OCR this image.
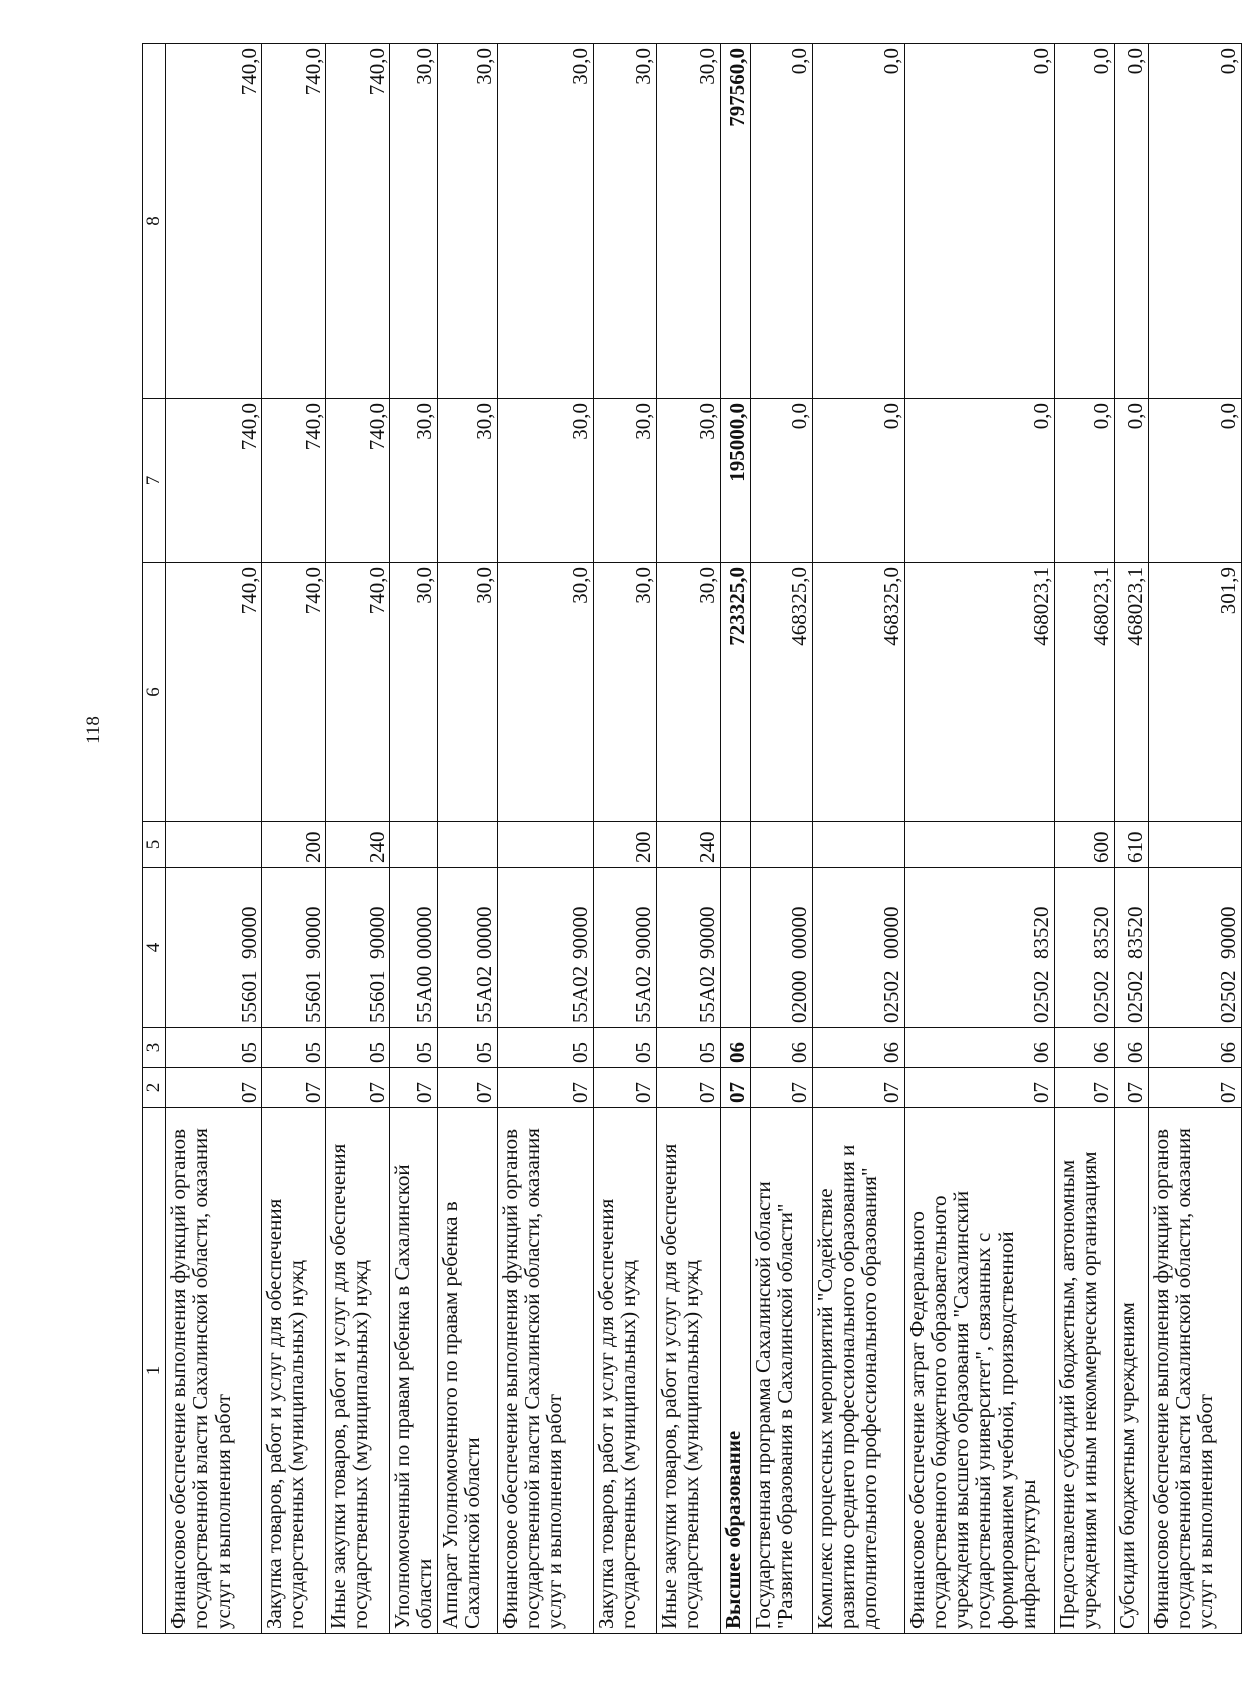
118
1	2	3	4	5	6	7	8
Финансовое обеспечение выполнения функций органов государственной власти Сахалинской области, оказания услуг и выполнения работ	07	05	5560190000		740,0	740,0	740,0
Закупка товаров, работ и услуг для обеспечения государственных (муниципальных) нужд	07	05	5560190000	200	740,0	740,0	740,0
Иные закупки товаров, работ и услуг для обеспечения государственных (муниципальных) нужд	07	05	5560190000	240	740,0	740,0	740,0
Уполномоченный по правам ребенка в Сахалинской области	07	05	55A0000000		30,0	30,0	30,0
Аппарат Уполномоченного по правам ребенка в Сахалинской области	07	05	55A0200000		30,0	30,0	30,0
Финансовое обеспечение выполнения функций органов государственной власти Сахалинской области, оказания услуг и выполнения работ	07	05	55A0290000		30,0	30,0	30,0
Закупка товаров, работ и услуг для обеспечения государственных (муниципальных) нужд	07	05	55A0290000	200	30,0	30,0	30,0
Иные закупки товаров, работ и услуг для обеспечения государственных (муниципальных) нужд	07	05	55A0290000	240	30,0	30,0	30,0
Высшее образование	07	06			723325,0	195000,0	797560,0
Государственная программа Сахалинской области "Развитие образования в Сахалинской области"	07	06	0200000000		468325,0	0,0	0,0
Комплекс процессных мероприятий "Содействие развитию среднего профессионального образования и дополнительного профессионального образования"	07	06	0250200000		468325,0	0,0	0,0
Финансовое обеспечение затрат Федерального государственного бюджетного образовательного учреждения высшего образования "Сахалинский государственный университет", связанных с формированием учебной, производственной инфраструктуры	07	06	0250283520		468023,1	0,0	0,0
Предоставление субсидий бюджетным, автономным учреждениям и иным некоммерческим организациям	07	06	0250283520	600	468023,1	0,0	0,0
Субсидии бюджетным учреждениям	07	06	0250283520	610	468023,1	0,0	0,0
Финансовое обеспечение выполнения функций органов государственной власти Сахалинской области, оказания услуг и выполнения работ	07	06	0250290000		301,9	0,0	0,0
